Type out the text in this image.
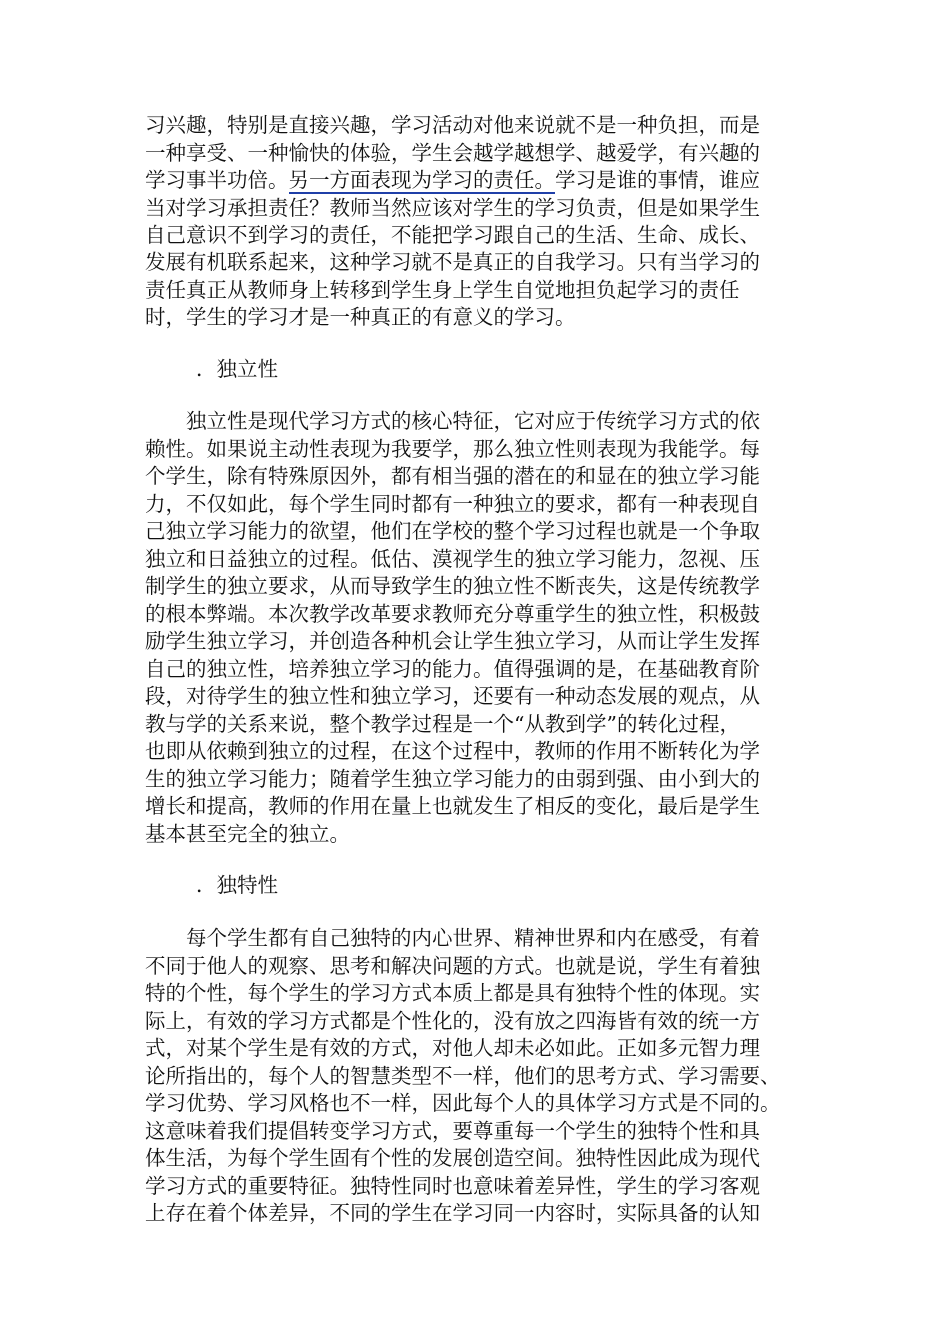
习兴趣，特别是直接兴趣，学习活动对他来说就不是一种负担，而是
一种享受、一种愉快的体验，学生会越学越想学、越爱学，有兴趣的
学习事半功倍。另一方面表现为学习的责任。学习是谁的事情，谁应
当对学习承担责任？教师当然应该对学生的学习负责，但是如果学生
自己意识不到学习的责任，不能把学习跟自己的生活、生命、成长、
发展有机联系起来，这种学习就不是真正的自我学习。只有当学习的
责任真正从教师身上转移到学生身上学生自觉地担负起学习的责任
时，学生的学习才是一种真正的有意义的学习。
．独立性
　　独立性是现代学习方式的核心特征，它对应于传统学习方式的依
赖性。如果说主动性表现为我要学，那么独立性则表现为我能学。每
个学生，除有特殊原因外，都有相当强的潜在的和显在的独立学习能
力，不仅如此，每个学生同时都有一种独立的要求，都有一种表现自
己独立学习能力的欲望，他们在学校的整个学习过程也就是一个争取
独立和日益独立的过程。低估、漠视学生的独立学习能力，忽视、压
制学生的独立要求，从而导致学生的独立性不断丧失，这是传统教学
的根本弊端。本次教学改革要求教师充分尊重学生的独立性，积极鼓
励学生独立学习，并创造各种机会让学生独立学习，从而让学生发挥
自己的独立性，培养独立学习的能力。值得强调的是，在基础教育阶
段，对待学生的独立性和独立学习，还要有一种动态发展的观点，从
教与学的关系来说，整个教学过程是一个“从教到学”的转化过程，
也即从依赖到独立的过程，在这个过程中，教师的作用不断转化为学
生的独立学习能力；随着学生独立学习能力的由弱到强、由小到大的
增长和提高，教师的作用在量上也就发生了相反的变化，最后是学生
基本甚至完全的独立。
．独特性
　　每个学生都有自己独特的内心世界、精神世界和内在感受，有着
不同于他人的观察、思考和解决问题的方式。也就是说，学生有着独
特的个性，每个学生的学习方式本质上都是具有独特个性的体现。实
际上，有效的学习方式都是个性化的，没有放之四海皆有效的统一方
式，对某个学生是有效的方式，对他人却未必如此。正如多元智力理
论所指出的，每个人的智慧类型不一样，他们的思考方式、学习需要、
学习优势、学习风格也不一样，因此每个人的具体学习方式是不同的。
这意味着我们提倡转变学习方式，要尊重每一个学生的独特个性和具
体生活，为每个学生固有个性的发展创造空间。独特性因此成为现代
学习方式的重要特征。独特性同时也意味着差异性，学生的学习客观
上存在着个体差异，不同的学生在学习同一内容时，实际具备的认知
